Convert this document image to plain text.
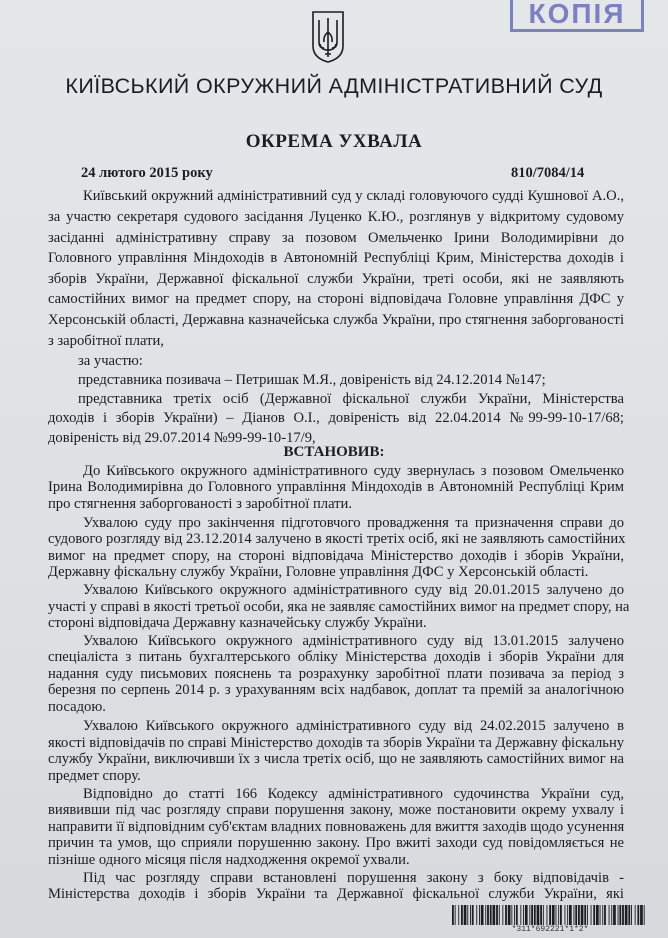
КОПІЯ
КИЇВСЬКИЙ ОКРУЖНИЙ АДМІНІСТРАТИВНИЙ СУД
ОКРЕМА УХВАЛА
24 лютого 2015 року	810/7084/14
Київський окружний адміністративний суд у складі головуючого судді Кушнової А.О.,
за участю секретаря судового засідання Луценко К.Ю., розглянув у відкритому судовому
засіданні адміністративну справу за позовом Омельченко Ірини Володимирівни до
Головного управління Міндоходів в Автономній Республіці Крим, Міністерства доходів і
зборів України, Державної фіскальної служби України, треті особи, які не заявляють
самостійних вимог на предмет спору, на стороні відповідача Головне управління ДФС у
Херсонській області, Державна казначейська служба України, про стягнення заборгованості
з заробітної плати,
за участю:
представника позивача – Петришак М.Я., довіреність від 24.12.2014 №147;
представника третіх осіб (Державної фіскальної служби України, Міністерства
доходів і зборів України) – Діанов О.І., довіреність від 22.04.2014 №99-99-10-17/68;
довіреність від 29.07.2014 №99-99-10-17/9,
ВСТАНОВИВ:
До Київського окружного адміністративного суду звернулась з позовом Омельченко
Ірина Володимирівна до Головного управління Міндоходів в Автономній Республіці Крим
про стягнення заборгованості з заробітної плати.
Ухвалою суду про закінчення підготовчого провадження та призначення справи до
судового розгляду від 23.12.2014 залучено в якості третіх осіб, які не заявляють самостійних
вимог на предмет спору, на стороні відповідача Міністерство доходів і зборів України,
Державну фіскальну службу України, Головне управління ДФС у Херсонській області.
Ухвалою Київського окружного адміністративного суду від 20.01.2015 залучено до
участі у справі в якості третьої особи, яка не заявляє самостійних вимог на предмет спору, на
стороні відповідача Державну казначейську службу України.
Ухвалою Київського окружного адміністративного суду від 13.01.2015 залучено
спеціаліста з питань бухгалтерського обліку Міністерства доходів і зборів України для
надання суду письмових пояснень та розрахунку заробітної плати позивача за період з
березня по серпень 2014 р. з урахуванням всіх надбавок, доплат та премій за аналогічною
посадою.
Ухвалою Київського окружного адміністративного суду від 24.02.2015 залучено в
якості відповідачів по справі Міністерство доходів та зборів України та Державну фіскальну
службу України, виключивши їх з числа третіх осіб, що не заявляють самостійних вимог на
предмет спору.
Відповідно до статті 166 Кодексу адміністративного судочинства України суд,
виявивши під час розгляду справи порушення закону, може постановити окрему ухвалу і
направити її відповідним суб'єктам владних повноважень для вжиття заходів щодо усунення
причин та умов, що сприяли порушенню закону. Про вжиті заходи суд повідомляється не
пізніше одного місяця після надходження окремої ухвали.
Під час розгляду справи встановлені порушення закону з боку відповідачів -
Міністерства доходів і зборів України та Державної фіскальної служби України, які
*311*692221*1*2*
